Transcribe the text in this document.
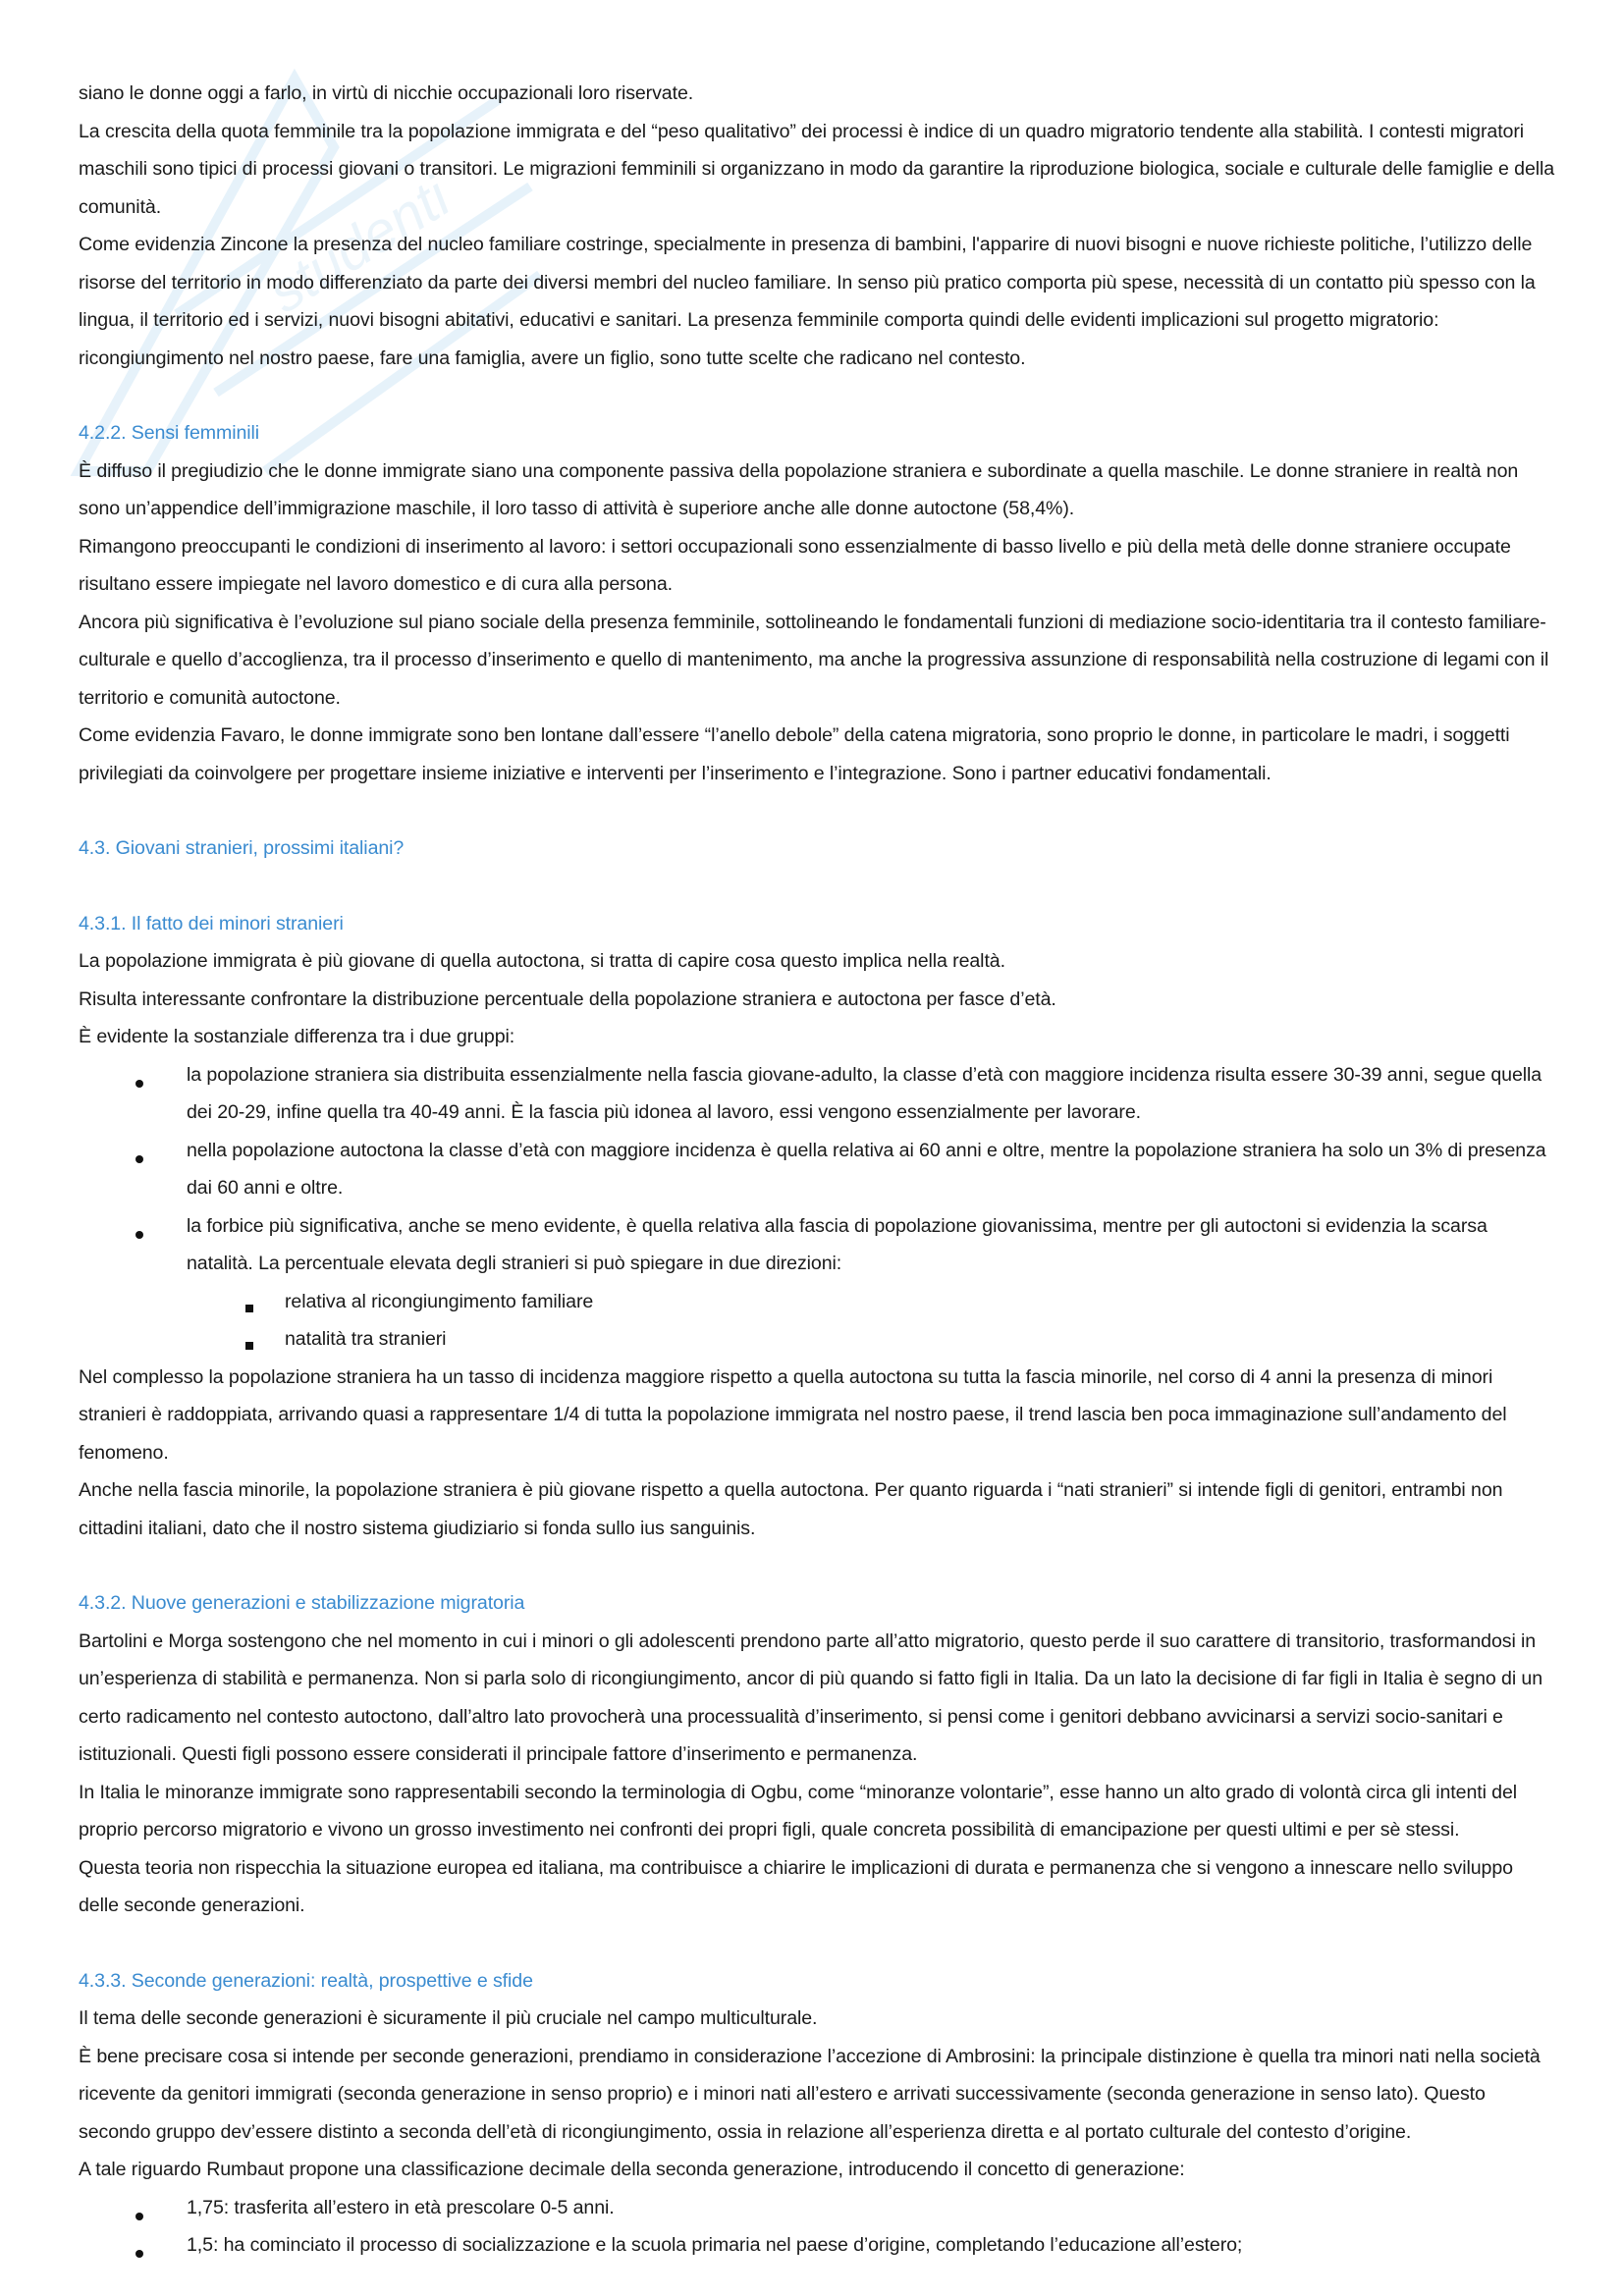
studenti

siano le donne oggi a farlo, in virtù di nicchie occupazionali loro riservate.

La crescita della quota femminile tra la popolazione immigrata e del “peso qualitativo” dei processi è indice di un quadro migratorio tendente alla stabilità. I contesti migratori maschili sono tipici di processi giovani o transitori. Le migrazioni femminili si organizzano in modo da garantire la riproduzione biologica, sociale e culturale delle famiglie e della comunità.

Come evidenzia Zincone la presenza del nucleo familiare costringe, specialmente in presenza di bambini, l'apparire di nuovi bisogni e nuove richieste politiche, l’utilizzo delle risorse del territorio in modo differenziato da parte dei diversi membri del nucleo familiare. In senso più pratico comporta più spese, necessità di un contatto più spesso con la lingua, il territorio ed i servizi, nuovi bisogni abitativi, educativi e sanitari. La presenza femminile comporta quindi delle evidenti implicazioni sul progetto migratorio: ricongiungimento nel nostro paese, fare una famiglia, avere un figlio, sono tutte scelte che radicano nel contesto.

4.2.2. Sensi femminili

È diffuso il pregiudizio che le donne immigrate siano una componente passiva della popolazione straniera e subordinate a quella maschile. Le donne straniere in realtà non sono un’appendice dell’immigrazione maschile, il loro tasso di attività è superiore anche alle donne autoctone (58,4%).

Rimangono preoccupanti le condizioni di inserimento al lavoro: i settori occupazionali sono essenzialmente di basso livello e più della metà delle donne straniere occupate risultano essere impiegate nel lavoro domestico e di cura alla persona.

Ancora più significativa è l’evoluzione sul piano sociale della presenza femminile, sottolineando le fondamentali funzioni di mediazione socio-identitaria tra il contesto familiare-culturale e quello d’accoglienza, tra il processo d’inserimento e quello di mantenimento, ma anche la progressiva assunzione di responsabilità nella costruzione di legami con il territorio e comunità autoctone.

Come evidenzia Favaro, le donne immigrate sono ben lontane dall’essere “l’anello debole” della catena migratoria, sono proprio le donne, in particolare le madri, i soggetti privilegiati da coinvolgere per progettare insieme iniziative e interventi per l’inserimento e l’integrazione. Sono i partner educativi fondamentali.

4.3. Giovani stranieri, prossimi italiani?
4.3.1. Il fatto dei minori stranieri

La popolazione immigrata è più giovane di quella autoctona, si tratta di capire cosa questo implica nella realtà.

Risulta interessante confrontare la distribuzione percentuale della popolazione straniera e autoctona per fasce d’età.

È evidente la sostanziale differenza tra i due gruppi:

la popolazione straniera sia distribuita essenzialmente nella fascia giovane-adulto, la classe d’età con maggiore incidenza risulta essere 30-39 anni, segue quella dei 20-29, infine quella tra 40-49 anni. È la fascia più idonea al lavoro, essi vengono essenzialmente per lavorare.
nella popolazione autoctona la classe d’età con maggiore incidenza è quella relativa ai 60 anni e oltre, mentre la popolazione straniera ha solo un 3% di presenza dai 60 anni e oltre.
la forbice più significativa, anche se meno evidente, è quella relativa alla fascia di popolazione giovanissima, mentre per gli autoctoni si evidenzia la scarsa natalità. La percentuale elevata degli stranieri si può spiegare in due direzioni:
relativa al ricongiungimento familiare
natalità tra stranieri

Nel complesso la popolazione straniera ha un tasso di incidenza maggiore rispetto a quella autoctona su tutta la fascia minorile, nel corso di 4 anni la presenza di minori stranieri è raddoppiata, arrivando quasi a rappresentare 1/4 di tutta la popolazione immigrata nel nostro paese, il trend lascia ben poca immaginazione sull’andamento del fenomeno.

Anche nella fascia minorile, la popolazione straniera è più giovane rispetto a quella autoctona. Per quanto riguarda i “nati stranieri” si intende figli di genitori, entrambi non cittadini italiani, dato che il nostro sistema giudiziario si fonda sullo ius sanguinis.

4.3.2. Nuove generazioni e stabilizzazione migratoria

Bartolini e Morga sostengono che nel momento in cui i minori o gli adolescenti prendono parte all’atto migratorio, questo perde il suo carattere di transitorio, trasformandosi in un’esperienza di stabilità e permanenza. Non si parla solo di ricongiungimento, ancor di più quando si fatto figli in Italia. Da un lato la decisione di far figli in Italia è segno di un certo radicamento nel contesto autoctono, dall’altro lato provocherà una processualità d’inserimento, si pensi come i genitori debbano avvicinarsi a servizi socio-sanitari e istituzionali. Questi figli possono essere considerati il principale fattore d’inserimento e permanenza.

In Italia le minoranze immigrate sono rappresentabili secondo la terminologia di Ogbu, come “minoranze volontarie”, esse hanno un alto grado di volontà circa gli intenti del proprio percorso migratorio e vivono un grosso investimento nei confronti dei propri figli, quale concreta possibilità di emancipazione per questi ultimi e per sè stessi.

Questa teoria non rispecchia la situazione europea ed italiana, ma contribuisce a chiarire le implicazioni di durata e permanenza che si vengono a innescare nello sviluppo delle seconde generazioni.

4.3.3. Seconde generazioni: realtà, prospettive e sfide

Il tema delle seconde generazioni è sicuramente il più cruciale nel campo multiculturale.

È bene precisare cosa si intende per seconde generazioni, prendiamo in considerazione l’accezione di Ambrosini: la principale distinzione è quella tra minori nati nella società ricevente da genitori immigrati (seconda generazione in senso proprio) e i minori nati all’estero e arrivati successivamente (seconda generazione in senso lato). Questo secondo gruppo dev’essere distinto a seconda dell’età di ricongiungimento, ossia in relazione all’esperienza diretta e al portato culturale del contesto d’origine.

A tale riguardo Rumbaut propone una classificazione decimale della seconda generazione, introducendo il concetto di generazione:

1,75: trasferita all’estero in età prescolare 0-5 anni.
1,5: ha cominciato il processo di socializzazione e la scuola primaria nel paese d’origine, completando l’educazione all’estero;
